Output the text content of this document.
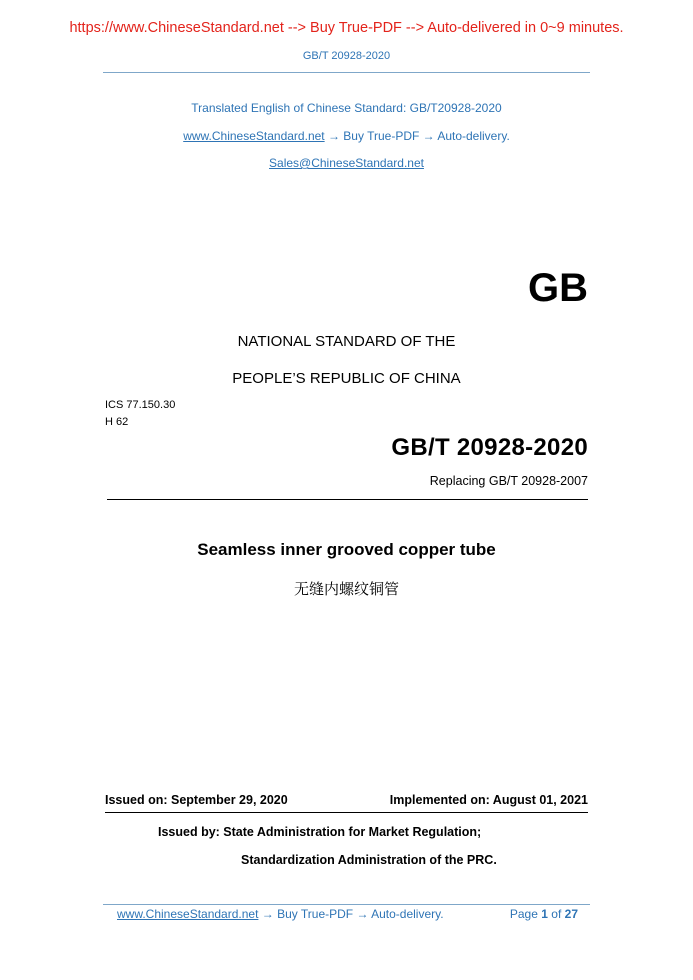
https://www.ChineseStandard.net --> Buy True-PDF --> Auto-delivered in 0~9 minutes.
GB/T 20928-2020
Translated English of Chinese Standard: GB/T20928-2020
www.ChineseStandard.net → Buy True-PDF → Auto-delivery.
Sales@ChineseStandard.net
GB
NATIONAL STANDARD OF THE
PEOPLE’S REPUBLIC OF CHINA
ICS 77.150.30
H 62
GB/T 20928-2020
Replacing GB/T 20928-2007
Seamless inner grooved copper tube
无缝内螺纹铜管
Issued on: September 29, 2020	Implemented on: August 01, 2021
Issued by: State Administration for Market Regulation;
Standardization Administration of the PRC.
www.ChineseStandard.net → Buy True-PDF → Auto-delivery.	Page 1 of 27
